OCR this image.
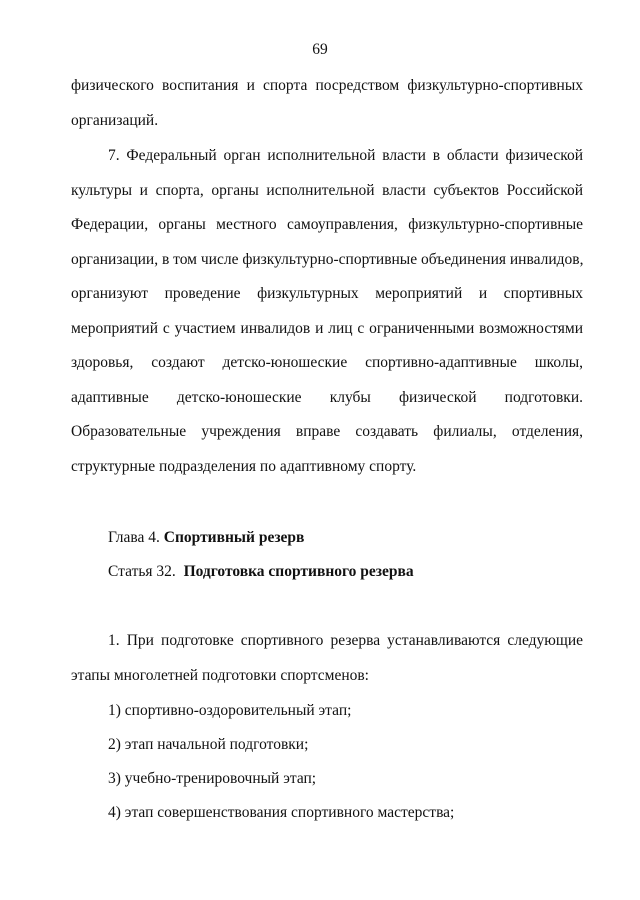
69
физического воспитания и спорта посредством физкультурно-спортивных
организаций.
7. Федеральный орган исполнительной власти в области физической
культуры и спорта, органы исполнительной власти субъектов Российской
Федерации, органы местного самоуправления, физкультурно-спортивные
организации, в том числе физкультурно-спортивные объединения инвалидов,
организуют проведение физкультурных мероприятий и спортивных
мероприятий с участием инвалидов и лиц с ограниченными возможностями
здоровья, создают детско-юношеские спортивно-адаптивные школы,
адаптивные детско-юношеские клубы физической подготовки.
Образовательные учреждения вправе создавать филиалы, отделения,
структурные подразделения по адаптивному спорту.
Глава 4. Спортивный резерв
Статья 32. Подготовка спортивного резерва
1. При подготовке спортивного резерва устанавливаются следующие
этапы многолетней подготовки спортсменов:
1) спортивно-оздоровительный этап;
2) этап начальной подготовки;
3) учебно-тренировочный этап;
4) этап совершенствования спортивного мастерства;
